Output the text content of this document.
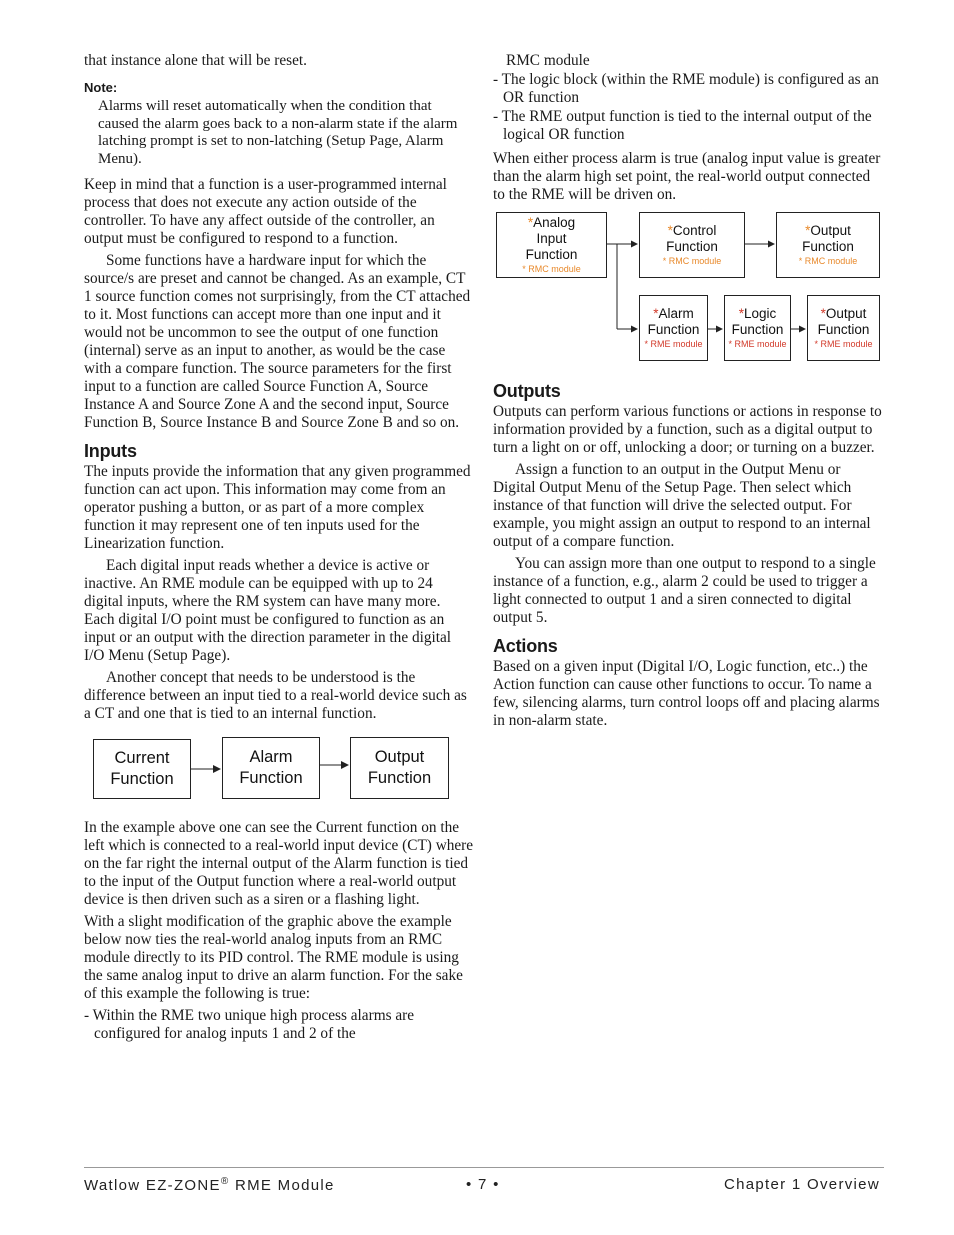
that instance alone that will be reset.

Note:
Alarms will reset automatically when the condition that caused the alarm goes back to a non-alarm state if the alarm latching prompt is set to non-latching (Setup Page, Alarm Menu).

Keep in mind that a function is a user-programmed internal process that does not execute any action outside of the controller. To have any affect outside of the controller, an output must be configured to respond to a function.

Some functions have a hardware input for which the source/s are preset and cannot be changed. As an example, CT 1 source function comes not surprisingly, from the CT attached to it. Most functions can accept more than one input and it would not be uncommon to see the output of one function (internal) serve as an input to another, as would be the case with a compare function. The source parameters for the first input to a function are called Source Function A, Source Instance A and Source Zone A and the second input, Source Function B, Source Instance B and Source Zone B and so on.

Inputs

The inputs provide the information that any given programmed function can act upon. This information may come from an operator pushing a button, or as part of a more complex function it may represent one of ten inputs used for the Linearization function.

Each digital input reads whether a device is active or inactive. An RME module can be equipped with up to 24 digital inputs, where the RM system can have many more. Each digital I/O point must be configured to function as an input or an output with the direction parameter in the digital I/O Menu (Setup Page).

Another concept that needs to be understood is the difference between an input tied to a real-world device such as a CT and one that is tied to an internal function.

Current
Function
Alarm
Function
Output
Function

In the example above one can see the Current function on the left which is connected to a real-world input device (CT) where on the far right the internal output of the Alarm function is tied to the input of the Output function where a real-world output device is then driven such as a siren or a flashing light.

With a slight modification of the graphic above the example below now ties the real-world analog inputs from an RMC module directly to its PID control. The RME module is using the same analog input to drive an alarm function. For the sake of this example the following is true:

- Within the RME two unique high process alarms are configured for analog inputs 1 and 2 of the

RMC module

- The logic block (within the RME module) is configured as an OR function

- The RME output function is tied to the internal output of the logical OR function

When either process alarm is true (analog input value is greater than the alarm high set point, the real-world output connected to the RME will be driven on.

*Analog
Input
Function
* RMC module
*Control
Function
* RMC module
*Output
Function
* RMC module
*Alarm
Function
* RME module
*Logic
Function
* RME module
*Output
Function
* RME module
Outputs

Outputs can perform various functions or actions in response to information provided by a function, such as a digital output to turn a light on or off, unlocking a door; or turning on a buzzer.

Assign a function to an output in the Output Menu or Digital Output Menu of the Setup Page. Then select which instance of that function will drive the selected output. For example, you might assign an output to respond to an internal output of a compare function.

You can assign more than one output to respond to a single instance of a function, e.g., alarm 2 could be used to trigger a light connected to output 1 and a siren connected to digital output 5.

Actions

Based on a given input (Digital I/O, Logic function, etc..) the Action function can cause other functions to occur. To name a few, silencing alarms, turn control loops off and placing alarms in non-alarm state.

Watlow EZ-ZONE® RME Module	• 7 •	Chapter 1 Overview
